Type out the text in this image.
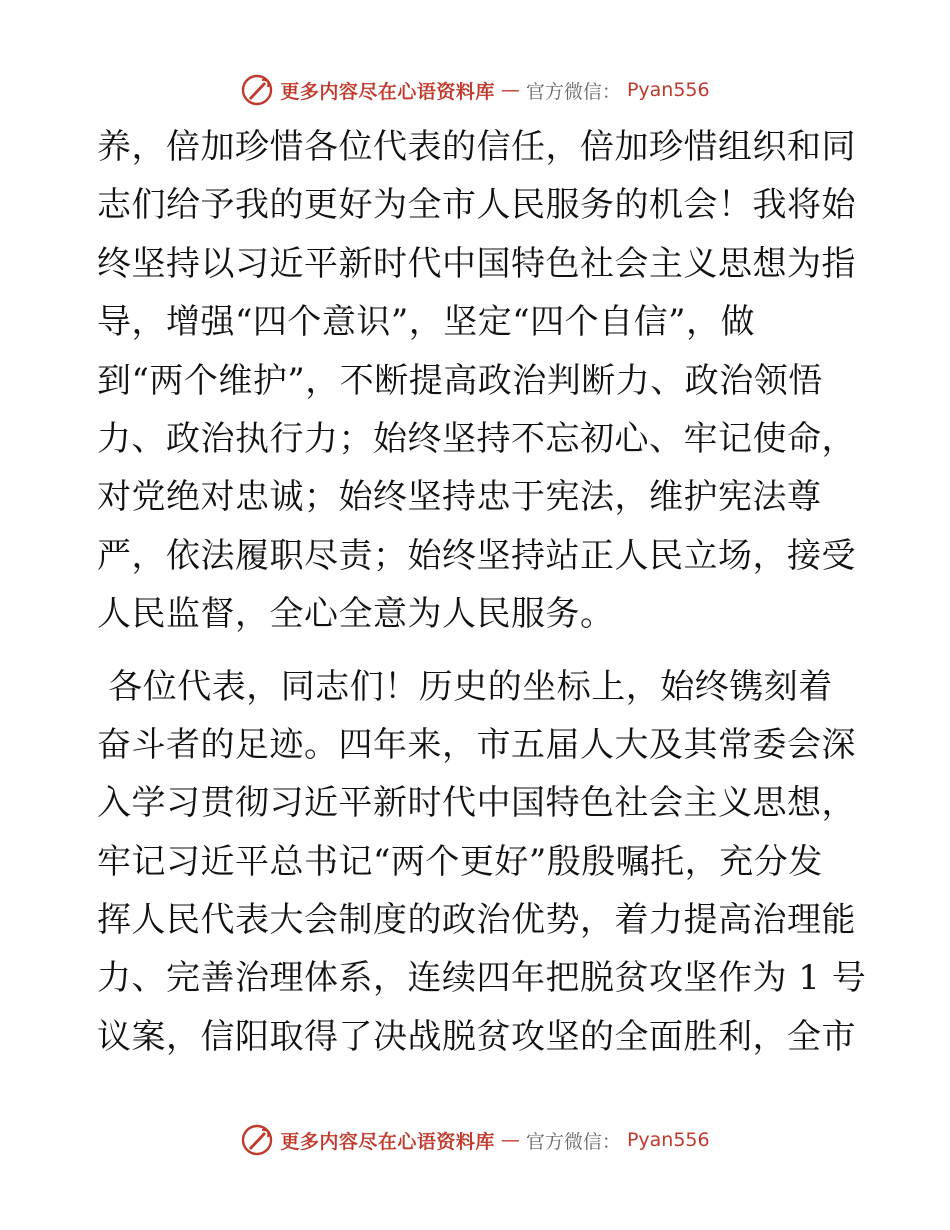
更多内容尽在心语资料库 — 官方微信： Pyan556
养，倍加珍惜各位代表的信任，倍加珍惜组织和同
志们给予我的更好为全市人民服务的机会！我将始
终坚持以习近平新时代中国特色社会主义思想为指
导，增强“四个意识”，坚定“四个自信”，做
到“两个维护”，不断提高政治判断力、政治领悟
力、政治执行力；始终坚持不忘初心、牢记使命，
对党绝对忠诚；始终坚持忠于宪法，维护宪法尊
严，依法履职尽责；始终坚持站正人民立场，接受
人民监督，全心全意为人民服务。
各位代表，同志们！历史的坐标上，始终镌刻着
奋斗者的足迹。四年来，市五届人大及其常委会深
入学习贯彻习近平新时代中国特色社会主义思想，
牢记习近平总书记“两个更好”殷殷嘱托，充分发
挥人民代表大会制度的政治优势，着力提高治理能
力、完善治理体系，连续四年把脱贫攻坚作为 1 号
议案，信阳取得了决战脱贫攻坚的全面胜利，全市
更多内容尽在心语资料库 — 官方微信： Pyan556
